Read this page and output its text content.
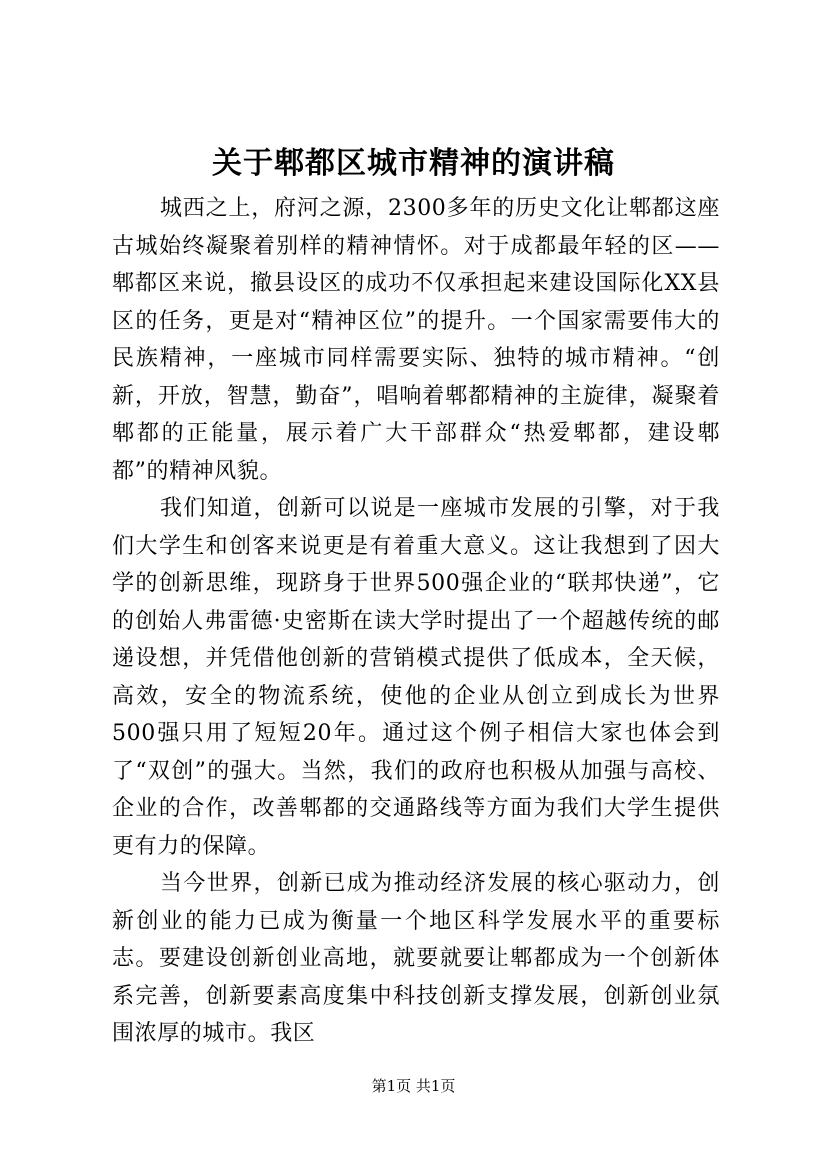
关于郫都区城市精神的演讲稿

城西之上，府河之源，2300多年的历史文化让郫都这座古城始终凝聚着别样的精神情怀。对于成都最年轻的区——郫都区来说，撤县设区的成功不仅承担起来建设国际化XX县区的任务，更是对“精神区位”的提升。一个国家需要伟大的民族精神，一座城市同样需要实际、独特的城市精神。“创新，开放，智慧，勤奋”，唱响着郫都精神的主旋律，凝聚着郫都的正能量，展示着广大干部群众“热爱郫都，建设郫都”的精神风貌。

我们知道，创新可以说是一座城市发展的引擎，对于我们大学生和创客来说更是有着重大意义。这让我想到了因大学的创新思维，现跻身于世界500强企业的“联邦快递”，它的创始人弗雷德·史密斯在读大学时提出了一个超越传统的邮递设想，并凭借他创新的营销模式提供了低成本，全天候，高效，安全的物流系统，使他的企业从创立到成长为世界500强只用了短短20年。通过这个例子相信大家也体会到了“双创”的强大。当然，我们的政府也积极从加强与高校、企业的合作，改善郫都的交通路线等方面为我们大学生提供更有力的保障。

当今世界，创新已成为推动经济发展的核心驱动力，创新创业的能力已成为衡量一个地区科学发展水平的重要标志。要建设创新创业高地，就要就要让郫都成为一个创新体系完善，创新要素高度集中科技创新支撑发展，创新创业氛围浓厚的城市。我区

第1页 共1页
